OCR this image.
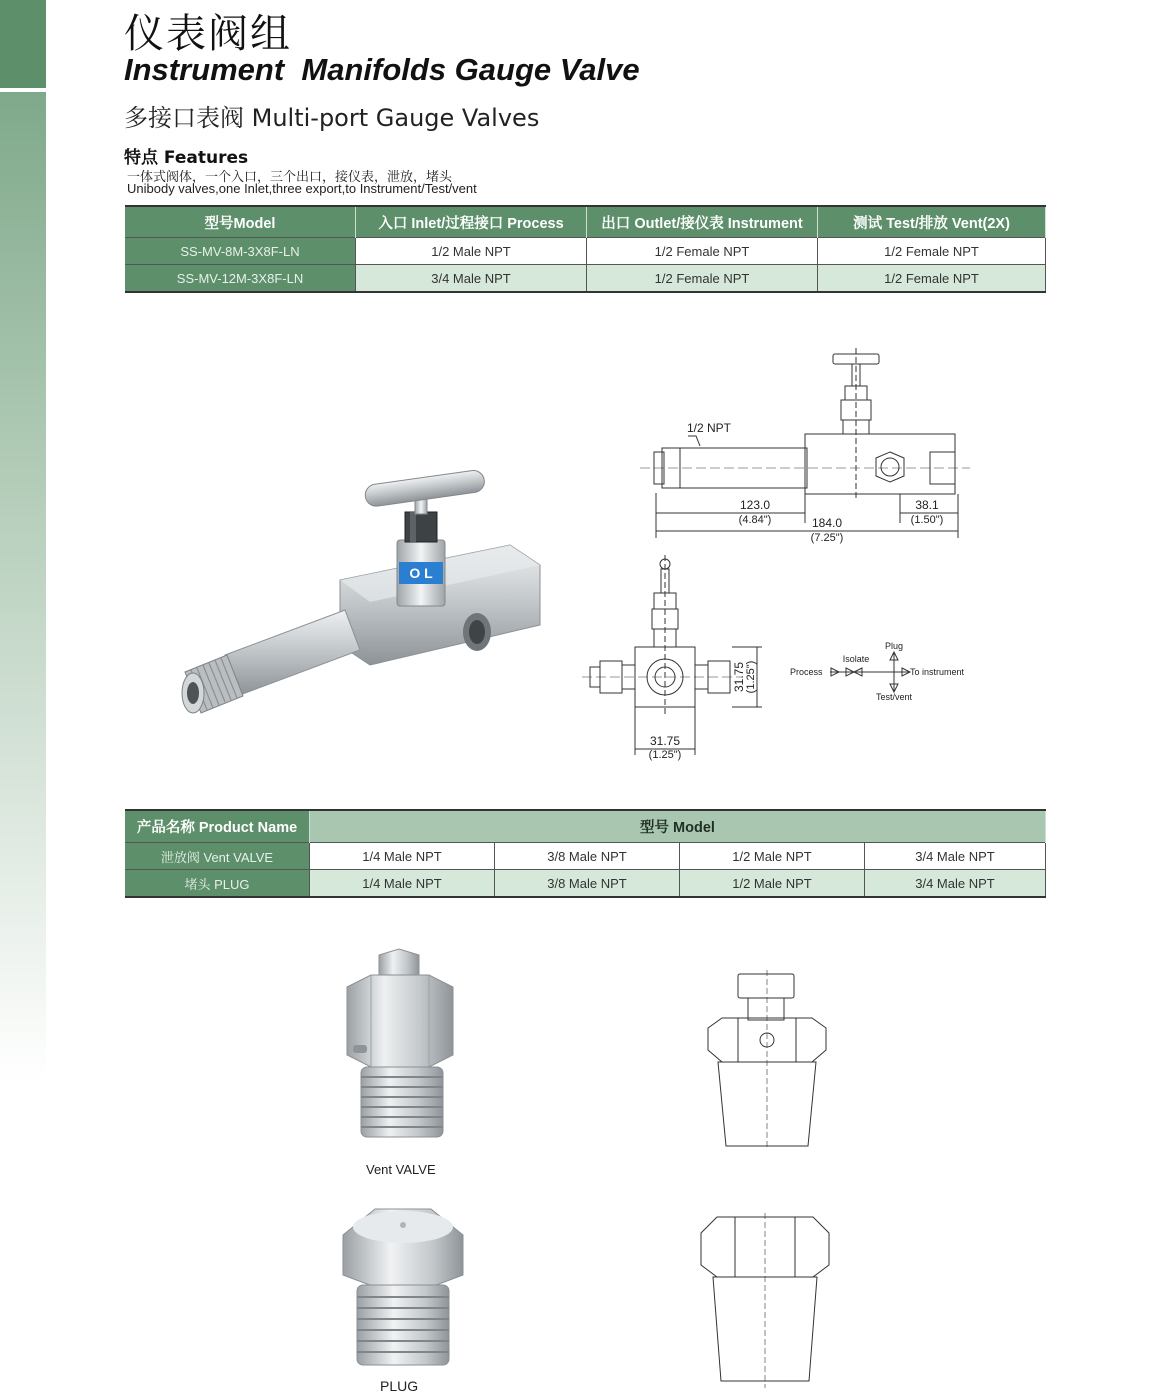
仪表阀组
Instrument  Manifolds Gauge Valve
多接口表阀 Multi-port Gauge Valves
特点 Features
一体式阀体，一个入口，三个出口，接仪表，泄放，堵头
Unibody valves,one Inlet,three export,to Instrument/Test/vent
型号Model	入口 Inlet/过程接口 Process	出口 Outlet/接仪表 Instrument	测试 Test/排放 Vent(2X)
SS-MV-8M-3X8F-LN	1/2 Male NPT	1/2 Female NPT	1/2 Female NPT
SS-MV-12M-3X8F-LN	3/4 Male NPT	1/2 Female NPT	1/2 Female NPT
O L
1/2 NPT
123.0
(4.84")	184.0
(7.25")
38.1
(1.50")
31.75
(1.25")
31.75 (1.25")
Plug
Isolate
Process	To instrument
Test/vent
产品名称 Product Name	型号 Model			
泄放阀 Vent VALVE	1/4 Male NPT	3/8 Male NPT	1/2 Male NPT	3/4 Male NPT
堵头 PLUG	1/4 Male NPT	3/8 Male NPT	1/2 Male NPT	3/4 Male NPT
Vent VALVE
PLUG
